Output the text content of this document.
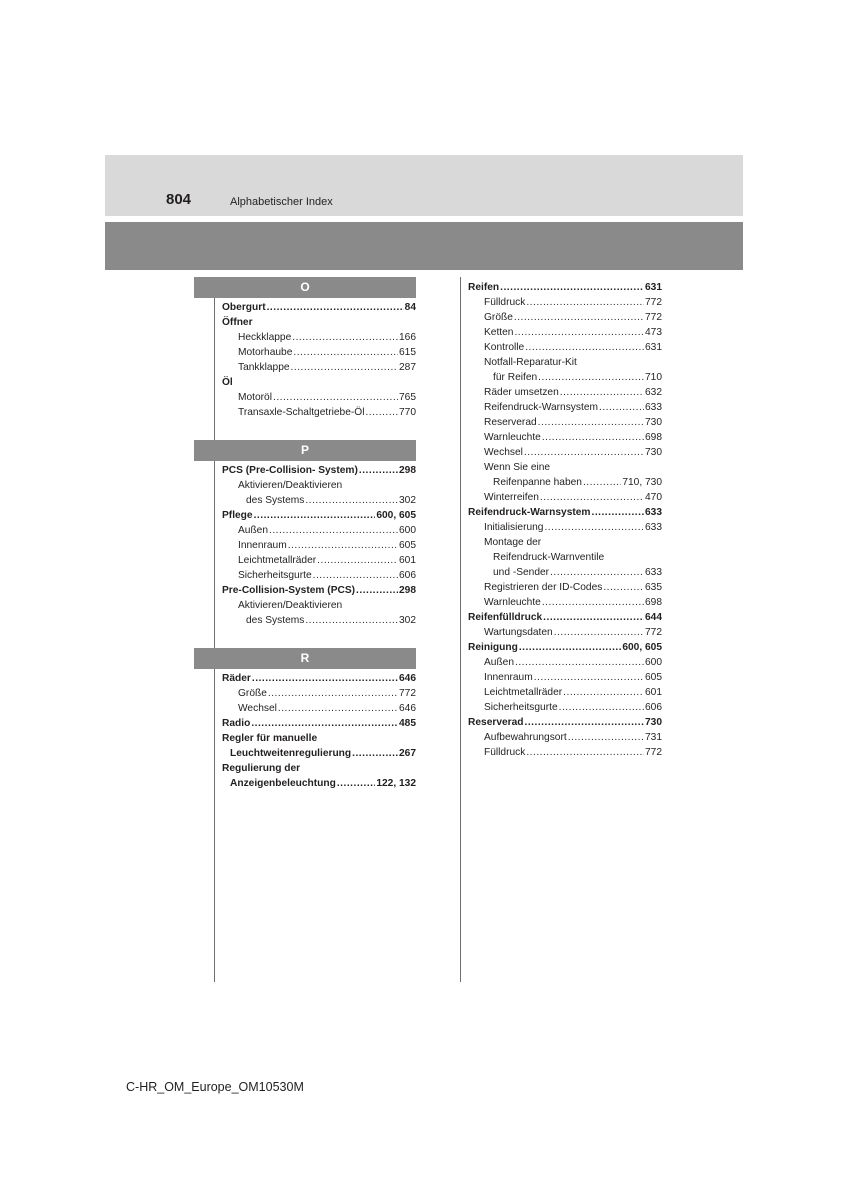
804	Alphabetischer Index
O
Obergurt .....	84
Öffner
Heckklappe .....	166
Motorhaube .....	615
Tankklappe .....	287
Öl
Motoröl .....	765
Transaxle-Schaltgetriebe-Öl .....	770
P
PCS (Pre-Collision- System) .....	298
Aktivieren/Deaktivieren
des Systems .....	302
Pflege .....	600, 605
Außen .....	600
Innenraum .....	605
Leichtmetallräder .....	601
Sicherheitsgurte .....	606
Pre-Collision-System (PCS) .....	298
Aktivieren/Deaktivieren
des Systems .....	302
R
Räder .....	646
Größe .....	772
Wechsel .....	646
Radio .....	485
Regler für manuelle
Leuchtweitenregulierung .....	267
Regulierung der
Anzeigenbeleuchtung .....	122, 132
Reifen .....	631
Fülldruck .....	772
Größe .....	772
Ketten .....	473
Kontrolle .....	631
Notfall-Reparatur-Kit
für Reifen .....	710
Räder umsetzen .....	632
Reifendruck-Warnsystem .....	633
Reserverad .....	730
Warnleuchte .....	698
Wechsel .....	730
Wenn Sie eine
Reifenpanne haben .....	710, 730
Winterreifen .....	470
Reifendruck-Warnsystem .....	633
Initialisierung .....	633
Montage der
Reifendruck-Warnventile
und -Sender .....	633
Registrieren der ID-Codes .....	635
Warnleuchte .....	698
Reifenfülldruck .....	644
Wartungsdaten .....	772
Reinigung .....	600, 605
Außen .....	600
Innenraum .....	605
Leichtmetallräder .....	601
Sicherheitsgurte .....	606
Reserverad .....	730
Aufbewahrungsort .....	731
Fülldruck .....	772
C-HR_OM_Europe_OM10530M
